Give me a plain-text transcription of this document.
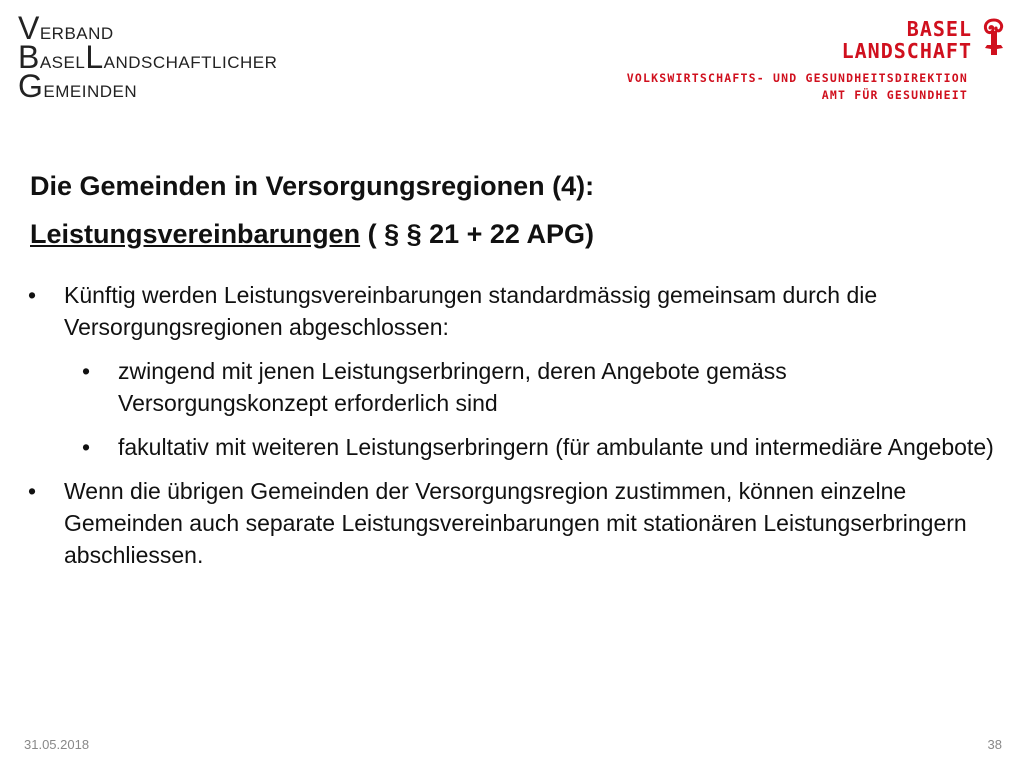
VERBAND
BASELLANDSCHAFTLICHER
GEMEINDEN
BASEL
LANDSCHAFT
VOLKSWIRTSCHAFTS- UND GESUNDHEITSDIREKTION
AMT FÜR GESUNDHEIT
Die Gemeinden in Versorgungsregionen (4):
Leistungsvereinbarungen ( § § 21 + 22 APG)
• Künftig werden Leistungsvereinbarungen standardmässig gemeinsam durch die Versorgungsregionen abgeschlossen:
• zwingend mit jenen Leistungserbringern, deren Angebote gemäss Versorgungskonzept erforderlich sind
• fakultativ mit weiteren Leistungserbringern (für ambulante und intermediäre Angebote)
• Wenn die übrigen Gemeinden der Versorgungsregion zustimmen, können einzelne Gemeinden auch separate Leistungsvereinbarungen mit stationären Leistungserbringern abschliessen.
31.05.2018	38
